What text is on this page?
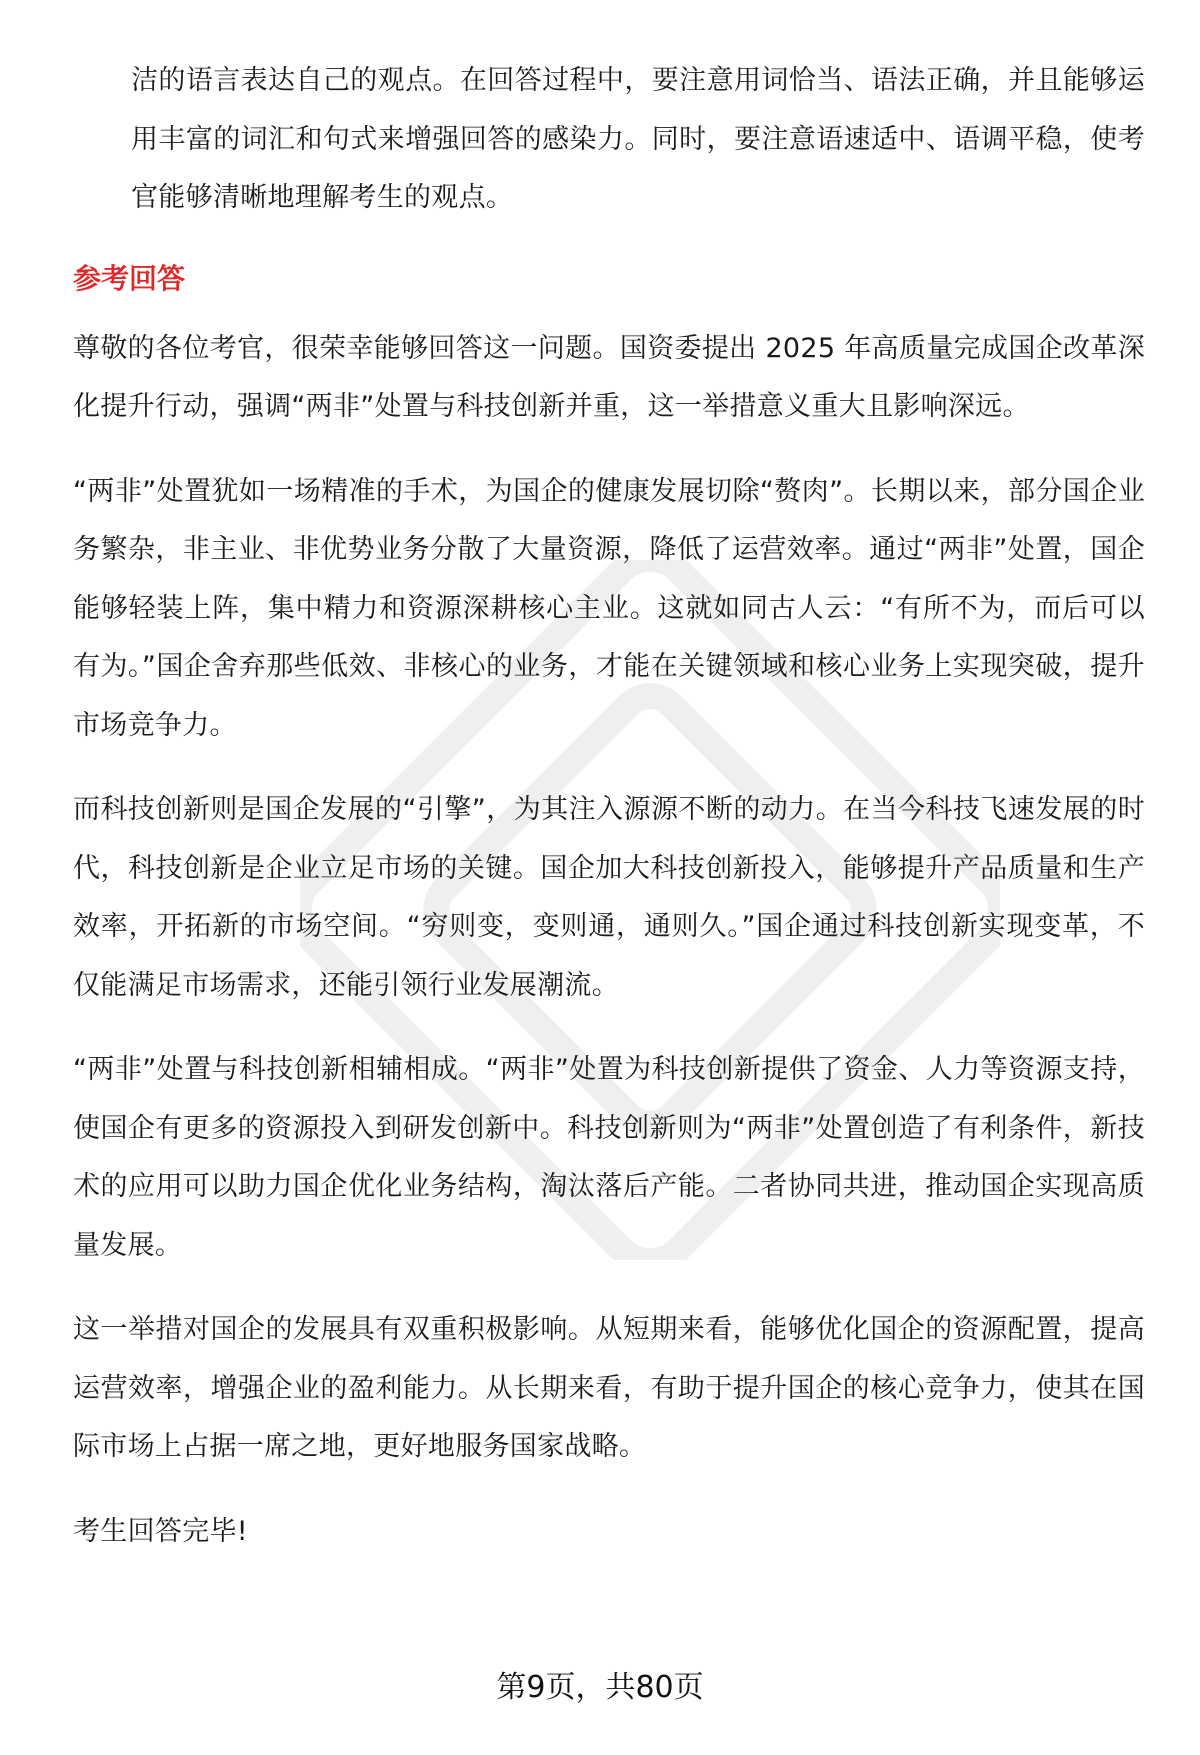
洁的语言表达自己的观点。在回答过程中，要注意用词恰当、语法正确，并且能够运用丰富的词汇和句式来增强回答的感染力。同时，要注意语速适中、语调平稳，使考官能够清晰地理解考生的观点。

参考回答

尊敬的各位考官，很荣幸能够回答这一问题。国资委提出 2025 年高质量完成国企改革深化提升行动，强调“两非”处置与科技创新并重，这一举措意义重大且影响深远。

“两非”处置犹如一场精准的手术，为国企的健康发展切除“赘肉”。长期以来，部分国企业务繁杂，非主业、非优势业务分散了大量资源，降低了运营效率。通过“两非”处置，国企能够轻装上阵，集中精力和资源深耕核心主业。这就如同古人云：“有所不为，而后可以有为。”国企舍弃那些低效、非核心的业务，才能在关键领域和核心业务上实现突破，提升市场竞争力。

而科技创新则是国企发展的“引擎”，为其注入源源不断的动力。在当今科技飞速发展的时代，科技创新是企业立足市场的关键。国企加大科技创新投入，能够提升产品质量和生产效率，开拓新的市场空间。“穷则变，变则通，通则久。”国企通过科技创新实现变革，不仅能满足市场需求，还能引领行业发展潮流。

“两非”处置与科技创新相辅相成。“两非”处置为科技创新提供了资金、人力等资源支持，使国企有更多的资源投入到研发创新中。科技创新则为“两非”处置创造了有利条件，新技术的应用可以助力国企优化业务结构，淘汰落后产能。二者协同共进，推动国企实现高质量发展。

这一举措对国企的发展具有双重积极影响。从短期来看，能够优化国企的资源配置，提高运营效率，增强企业的盈利能力。从长期来看，有助于提升国企的核心竞争力，使其在国际市场上占据一席之地，更好地服务国家战略。

考生回答完毕!

第9页，共80页
